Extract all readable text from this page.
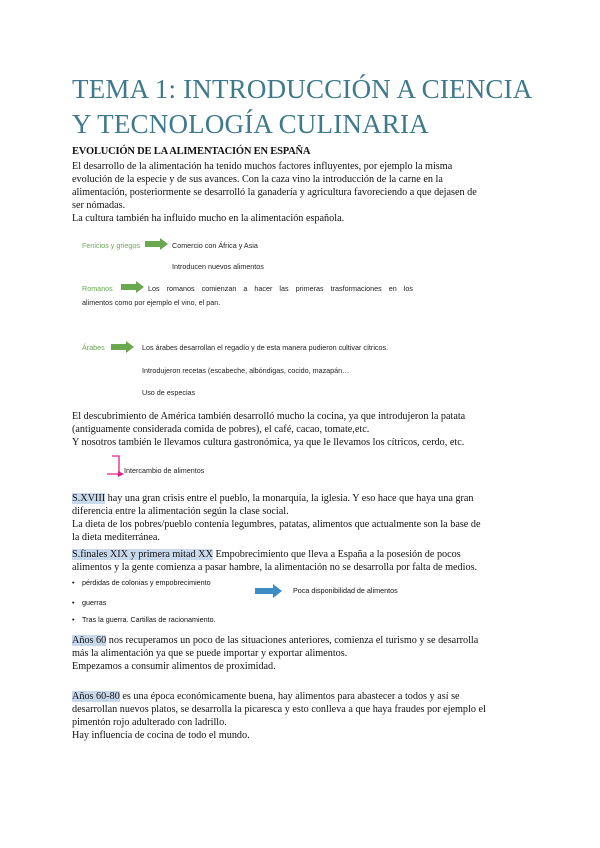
TEMA 1: INTRODUCCIÓN A CIENCIA
Y TECNOLOGÍA CULINARIA
EVOLUCIÓN DE LA ALIMENTACIÓN EN ESPAÑA
El desarrollo de la alimentación ha tenido muchos factores influyentes, por ejemplo la misma
evolución de la especie y de sus avances. Con la caza vino la introducción de la carne en la
alimentación, posteriormente se desarrolló la ganadería y agricultura favoreciendo a que dejasen de
ser nómadas.
La cultura también ha influido mucho en la alimentación española.
Fenicios y griegos	Comercio con África y Asia
Introducen nuevos alimentos
Romanos	Los romanos comienzan a hacer las primeras trasformaciones en los
alimentos como por ejemplo el vino, el pan.
Árabes	Los árabes desarrollan el regadío y de esta manera pudieron cultivar cítricos.
Introdujeron recetas (escabeche, albóndigas, cocido, mazapán…
Uso de especias
El descubrimiento de América también desarrolló mucho la cocina, ya que introdujeron la patata
(antiguamente considerada comida de pobres), el café, cacao, tomate,etc.
Y nosotros también le llevamos cultura gastronómica, ya que le llevamos los cítricos, cerdo, etc.
Intercambio de alimentos
S.XVIII hay una gran crisis entre el pueblo, la monarquía, la iglesia. Y eso hace que haya una gran
diferencia entre la alimentación según la clase social.
La dieta de los pobres/pueblo contenía legumbres, patatas, alimentos que actualmente son la base de
la dieta mediterránea.
S.finales XIX y primera mitad XX Empobrecimiento que lleva a España a la posesión de pocos
alimentos y la gente comienza a pasar hambre, la alimentación no se desarrolla por falta de medios.
• pérdidas de colonias y empobrecimiento
Poca disponibilidad de alimentos
• guerras
• Tras la guerra. Cartillas de racionamiento.
Años 60 nos recuperamos un poco de las situaciones anteriores, comienza el turismo y se desarrolla
más la alimentación ya que se puede importar y exportar alimentos.
Empezamos a consumir alimentos de proximidad.
Años 60-80 es una época económicamente buena, hay alimentos para abastecer a todos y así se
desarrollan nuevos platos, se desarrolla la picaresca y esto conlleva a que haya fraudes por ejemplo el
pimentón rojo adulterado con ladrillo.
Hay influencia de cocina de todo el mundo.
